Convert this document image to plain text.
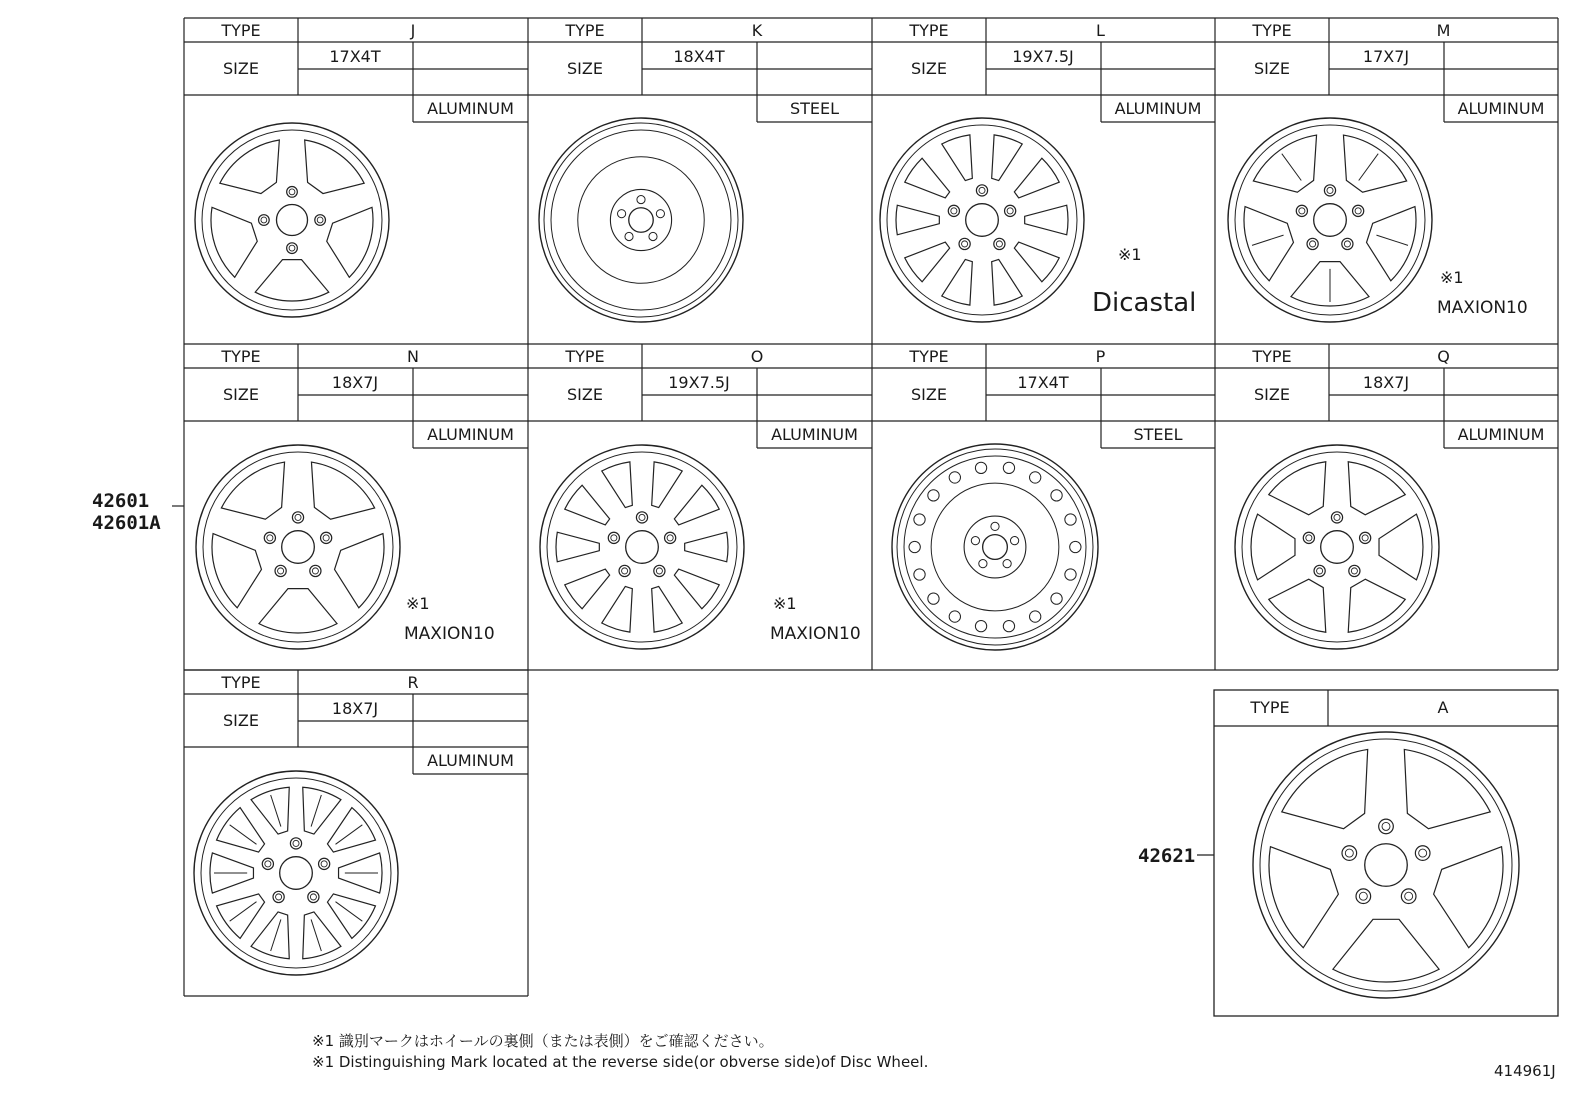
TYPE
SIZE
J
17X4T
ALUMINUM
TYPE
SIZE
K
18X4T
STEEL
TYPE
SIZE
L
19X7.5J
ALUMINUM
TYPE
SIZE
M
17X7J
ALUMINUM
TYPE
SIZE
N
18X7J
ALUMINUM
TYPE
SIZE
O
19X7.5J
ALUMINUM
TYPE
SIZE
P
17X4T
STEEL
TYPE
SIZE
Q
18X7J
ALUMINUM
TYPE
SIZE
R
18X7J
ALUMINUM
TYPE	A
※1
Dicastal
※1
MAXION10
※1
MAXION10
※1
MAXION10
42601
42601A
42621
※1 識別マークはホイールの裏側（または表側）をご確認ください。
※1 Distinguishing Mark located at the reverse side(or obverse side)of Disc Wheel.	414961J
